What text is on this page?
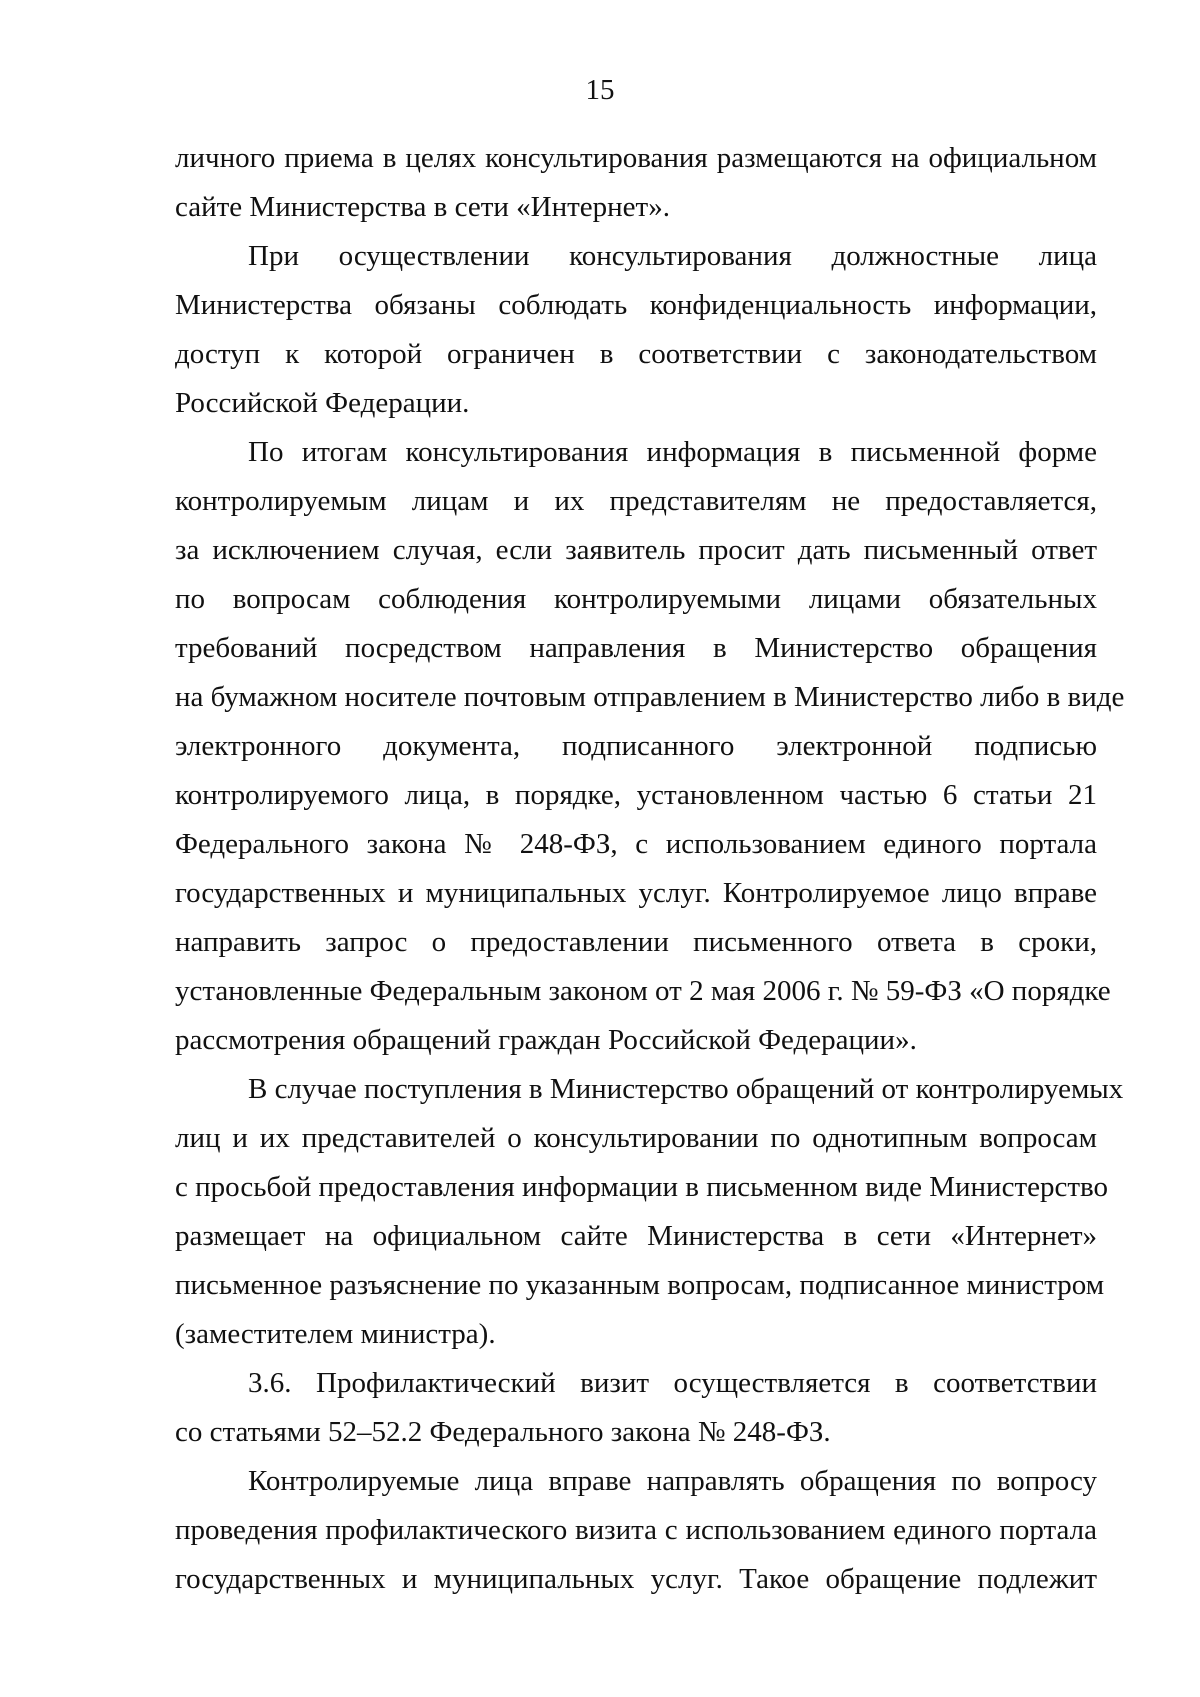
15
личного приема в целях консультирования размещаются на официальном
сайте Министерства в сети «Интернет».
При осуществлении консультирования должностные лица
Министерства обязаны соблюдать конфиденциальность информации,
доступ к которой ограничен в соответствии с законодательством
Российской Федерации.
По итогам консультирования информация в письменной форме
контролируемым лицам и их представителям не предоставляется,
за исключением случая, если заявитель просит дать письменный ответ
по вопросам соблюдения контролируемыми лицами обязательных
требований посредством направления в Министерство обращения
на бумажном носителе почтовым отправлением в Министерство либо в виде
электронного документа, подписанного электронной подписью
контролируемого лица, в порядке, установленном частью 6 статьи 21
Федерального закона № 248-ФЗ, с использованием единого портала
государственных и муниципальных услуг. Контролируемое лицо вправе
направить запрос о предоставлении письменного ответа в сроки,
установленные Федеральным законом от 2 мая 2006 г. № 59-ФЗ «О порядке
рассмотрения обращений граждан Российской Федерации».
В случае поступления в Министерство обращений от контролируемых
лиц и их представителей о консультировании по однотипным вопросам
с просьбой предоставления информации в письменном виде Министерство
размещает на официальном сайте Министерства в сети «Интернет»
письменное разъяснение по указанным вопросам, подписанное министром
(заместителем министра).
3.6. Профилактический визит осуществляется в соответствии
со статьями 52–52.2 Федерального закона № 248-ФЗ.
Контролируемые лица вправе направлять обращения по вопросу
проведения профилактического визита с использованием единого портала
государственных и муниципальных услуг. Такое обращение подлежит
